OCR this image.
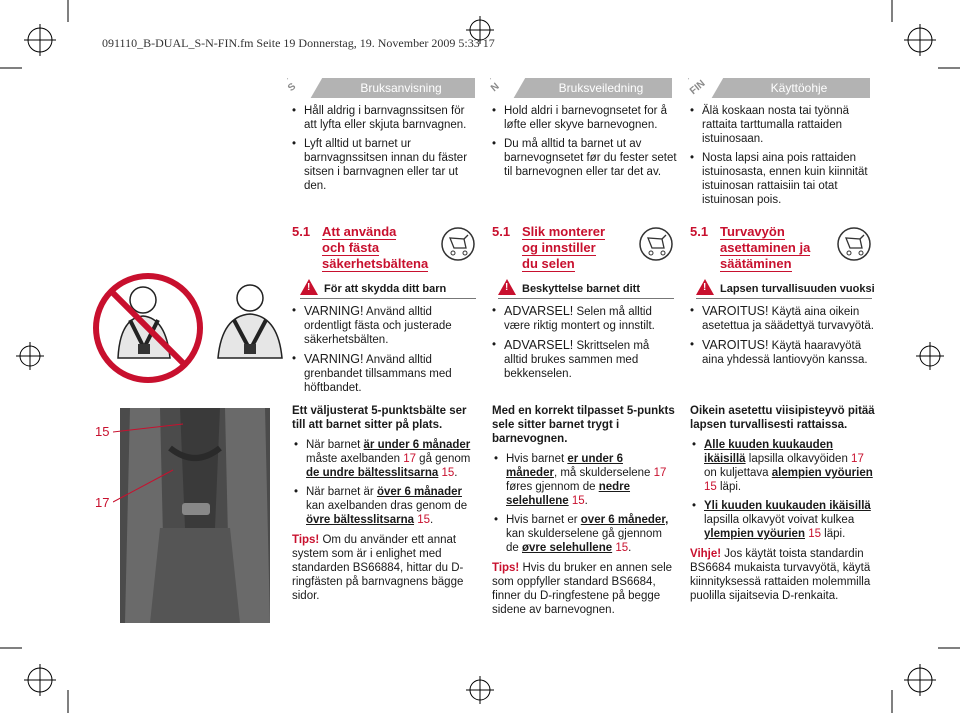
091110_B-DUAL_S-N-FIN.fm Seite 19 Donnerstag, 19. November 2009 5:33 17
S	Bruksanvisning
• Håll aldrig i barnvagnssitsen för att lyfta eller skjuta barnvagnen.
• Lyft alltid ut barnet ur barnvagnssitsen innan du fäster sitsen i barnvagnen eller tar ut den.
N	Bruksveiledning
• Hold aldri i barnevognsetet for å løfte eller skyve barnevognen.
• Du må alltid ta barnet ut av barnevognsetet før du fester setet til barnevognen eller tar det av.
FIN	Käyttöohje
• Älä koskaan nosta tai työnnä rattaita tarttumalla rattaiden istuinosaan.
• Nosta lapsi aina pois rattaiden istuinosasta, ennen kuin kiinnität istuinosan rattaisiin tai otat istuinosan pois.
5.1 Att använda
och fästa
säkerhetsbältena
5.1 Slik monterer
og innstiller
du selen
5.1 Turvavyön
asettaminen ja
säätäminen
! För att skydda ditt barn	! Beskyttelse barnet ditt	! Lapsen turvallisuuden vuoksi
• VARNING! Använd alltid ordentligt fästa och justerade säkerhetsbälten.
• VARNING! Använd alltid grenbandet tillsammans med höftbandet.
• ADVARSEL! Selen må alltid være riktig montert og innstilt.
• ADVARSEL! Skrittselen må alltid brukes sammen med bekkenselen.
• VAROITUS! Käytä aina oikein asetettua ja säädettyä turvavyötä.
• VAROITUS! Käytä haaravyötä aina yhdessä lantiovyön kanssa.
15
17

Ett väljusterat 5-punktsbälte ser till att barnet sitter på plats.

• När barnet är under 6 månader måste axelbanden 17 gå genom de undre bältesslitsarna 15.
• När barnet är över 6 månader kan axelbanden dras genom de övre bältesslitsarna 15.

Tips! Om du använder ett annat system som är i enlighet med standarden BS66884, hittar du D-ringfästen på barnvagnens bägge sidor.

Med en korrekt tilpasset 5-punkts sele sitter barnet trygt i barnevognen.

• Hvis barnet er under 6 måneder, må skulderselene 17 føres gjennom de nedre selehullene 15.
• Hvis barnet er over 6 måneder, kan skulderselene gå gjennom de øvre selehullene 15.

Tips! Hvis du bruker en annen sele som oppfyller standard BS6684, finner du D-ringfestene på begge sidene av barnevognen.

Oikein asetettu viisipisteyvö pitää lapsen turvallisesti rattaissa.

• Alle kuuden kuukauden ikäisillä lapsilla olkavyöiden 17 on kuljettava alempien vyöurien 15 läpi.
• Yli kuuden kuukauden ikäisillä lapsilla olkavyöt voivat kulkea ylempien vyöurien 15 läpi.

Vihje! Jos käytät toista standardin BS6684 mukaista turvavyötä, käytä kiinnityksessä rattaiden molemmilla puolilla sijaitsevia D-renkaita.
